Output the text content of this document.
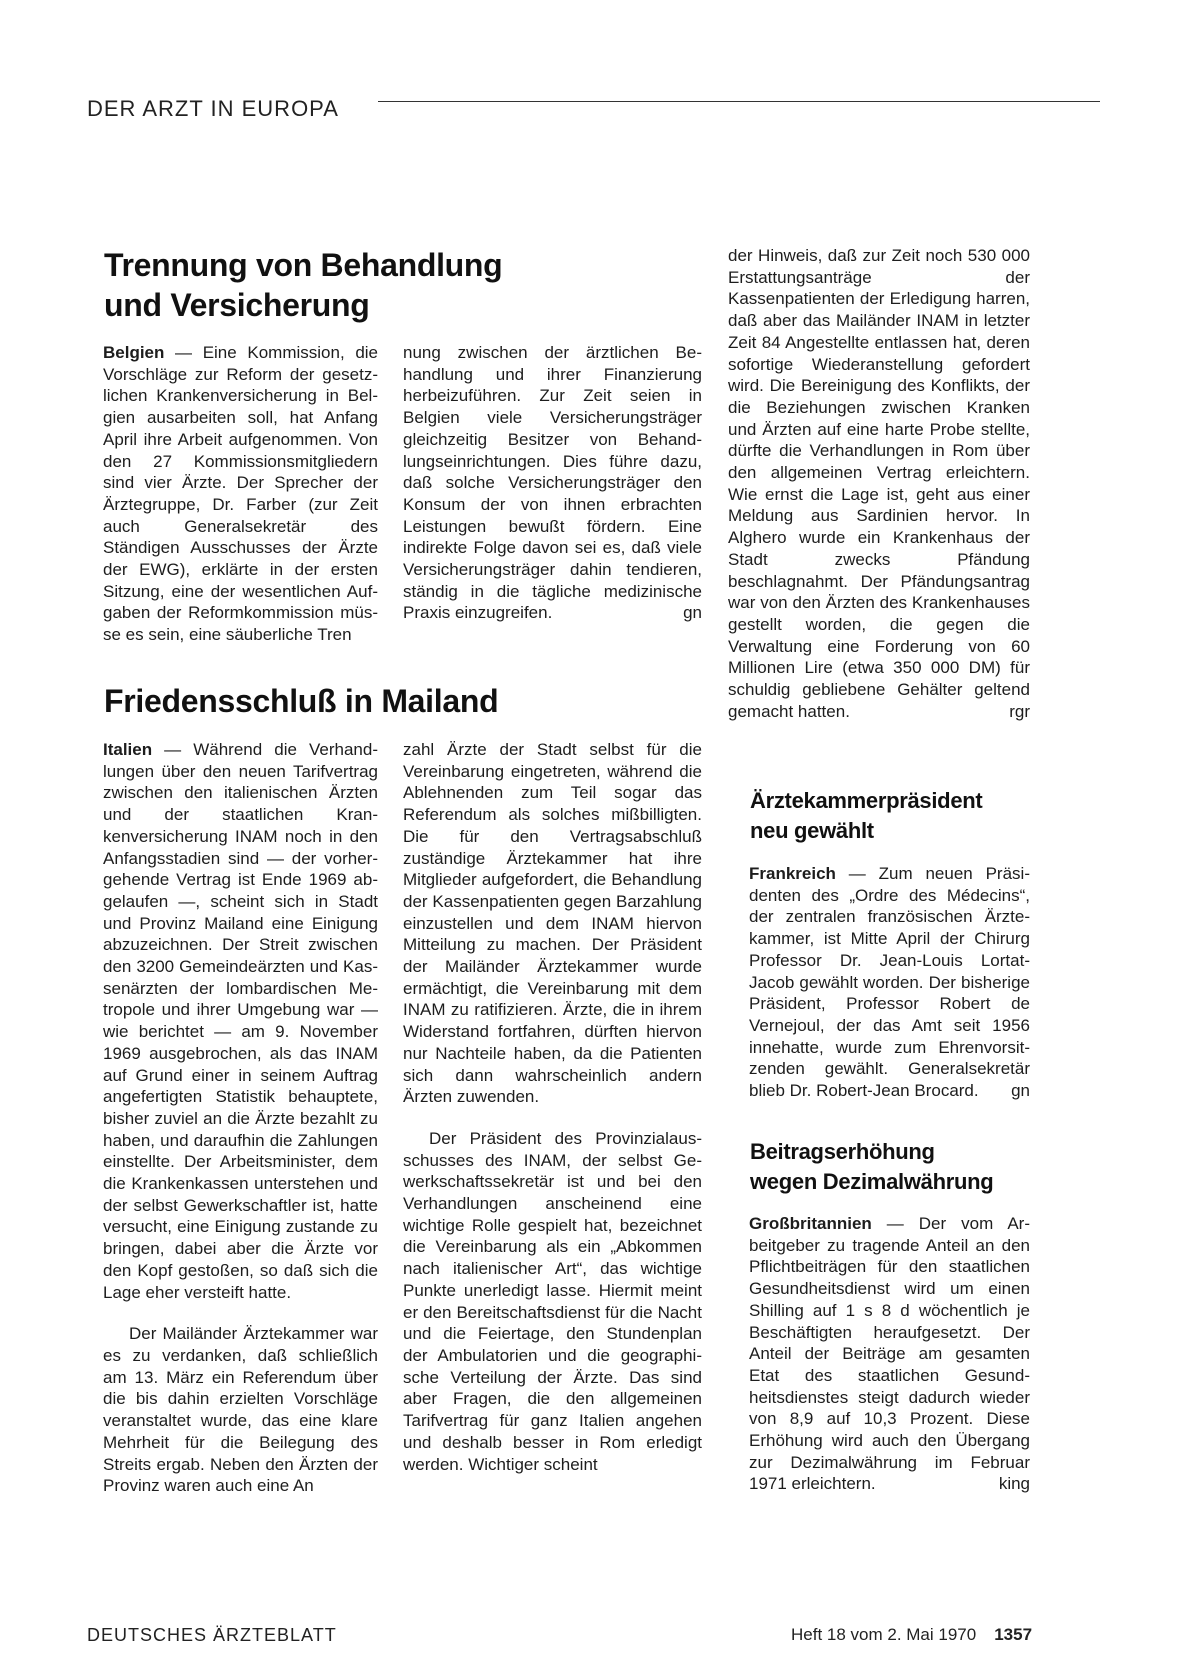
DER ARZT IN EUROPA
Trennung von Behandlung und Versicherung

Belgien — Eine Kommission, die Vorschläge zur Reform der gesetzlichen Krankenversicherung in Belgien ausarbeiten soll, hat Anfang April ihre Arbeit aufgenommen. Von den 27 Kommissionsmitgliedern sind vier Ärzte. Der Sprecher der Ärztegruppe, Dr. Farber (zur Zeit auch Generalsekretär des Ständigen Ausschusses der Ärzte der EWG), erklärte in der ersten Sitzung, eine der wesentlichen Aufgaben der Reformkommission müsse es sein, eine säuberliche Tren

nung zwischen der ärztlichen Behandlung und ihrer Finanzierung herbeizuführen. Zur Zeit seien in Belgien viele Versicherungsträger gleichzeitig Besitzer von Behandlungseinrichtungen. Dies führe dazu, daß solche Versicherungsträger den Konsum der von ihnen erbrachten Leistungen bewußt fördern. Eine indirekte Folge davon sei es, daß viele Versicherungsträger dahin tendieren, ständig in die tägliche medizinische Praxis einzugreifen.	gn

Friedensschluß in Mailand

Italien — Während die Verhandlungen über den neuen Tarifvertrag zwischen den italienischen Ärzten und der staatlichen Krankenversicherung INAM noch in den Anfangsstadien sind — der vorhergehende Vertrag ist Ende 1969 abgelaufen —, scheint sich in Stadt und Provinz Mailand eine Einigung abzuzeichnen. Der Streit zwischen den 3200 Gemeindeärzten und Kassenärzten der lombardischen Metropole und ihrer Umgebung war — wie berichtet — am 9. November 1969 ausgebrochen, als das INAM auf Grund einer in seinem Auftrag angefertigten Statistik behauptete, bisher zuviel an die Ärzte bezahlt zu haben, und daraufhin die Zahlungen einstellte. Der Arbeitsminister, dem die Krankenkassen unterstehen und der selbst Gewerkschaftler ist, hatte versucht, eine Einigung zustande zu bringen, dabei aber die Ärzte vor den Kopf gestoßen, so daß sich die Lage eher versteift hatte.

Der Mailänder Ärztekammer war es zu verdanken, daß schließlich am 13. März ein Referendum über die bis dahin erzielten Vorschläge veranstaltet wurde, das eine klare Mehrheit für die Beilegung des Streits ergab. Neben den Ärzten der Provinz waren auch eine An

zahl Ärzte der Stadt selbst für die Vereinbarung eingetreten, während die Ablehnenden zum Teil sogar das Referendum als solches mißbilligten. Die für den Vertragsabschluß zuständige Ärztekammer hat ihre Mitglieder aufgefordert, die Behandlung der Kassenpatienten gegen Barzahlung einzustellen und dem INAM hiervon Mitteilung zu machen. Der Präsident der Mailänder Ärztekammer wurde ermächtigt, die Vereinbarung mit dem INAM zu ratifizieren. Ärzte, die in ihrem Widerstand fortfahren, dürften hiervon nur Nachteile haben, da die Patienten sich dann wahrscheinlich andern Ärzten zuwenden.

Der Präsident des Provinzialausschusses des INAM, der selbst Gewerkschaftssekretär ist und bei den Verhandlungen anscheinend eine wichtige Rolle gespielt hat, bezeichnet die Vereinbarung als ein „Abkommen nach italienischer Art“, das wichtige Punkte unerledigt lasse. Hiermit meint er den Bereitschaftsdienst für die Nacht und die Feiertage, den Stundenplan der Ambulatorien und die geographische Verteilung der Ärzte. Das sind aber Fragen, die den allgemeinen Tarifvertrag für ganz Italien angehen und deshalb besser in Rom erledigt werden. Wichtiger scheint

der Hinweis, daß zur Zeit noch 530 000 Erstattungsanträge der Kassenpatienten der Erledigung harren, daß aber das Mailänder INAM in letzter Zeit 84 Angestellte entlassen hat, deren sofortige Wiederanstellung gefordert wird. Die Bereinigung des Konflikts, der die Beziehungen zwischen Kranken und Ärzten auf eine harte Probe stellte, dürfte die Verhandlungen in Rom über den allgemeinen Vertrag erleichtern. Wie ernst die Lage ist, geht aus einer Meldung aus Sardinien hervor. In Alghero wurde ein Krankenhaus der Stadt zwecks Pfändung beschlagnahmt. Der Pfändungsantrag war von den Ärzten des Krankenhauses gestellt worden, die gegen die Verwaltung eine Forderung von 60 Millionen Lire (etwa 350 000 DM) für schuldig gebliebene Gehälter geltend gemacht hatten.	rgr

Ärztekammerpräsident
neu gewählt

Frankreich — Zum neuen Präsidenten des „Ordre des Médecins“, der zentralen französischen Ärztekammer, ist Mitte April der Chirurg Professor Dr. Jean-Louis Lortat-Jacob gewählt worden. Der bisherige Präsident, Professor Robert de Vernejoul, der das Amt seit 1956 innehatte, wurde zum Ehrenvorsitzenden gewählt. Generalsekretär blieb Dr. Robert-Jean Brocard. gn

Beitragserhöhung
wegen Dezimalwährung

Großbritannien — Der vom Arbeitgeber zu tragende Anteil an den Pflichtbeiträgen für den staatlichen Gesundheitsdienst wird um einen Shilling auf 1 s 8 d wöchentlich je Beschäftigten heraufgesetzt. Der Anteil der Beiträge am gesamten Etat des staatlichen Gesundheitsdienstes steigt dadurch wieder von 8,9 auf 10,3 Prozent. Diese Erhöhung wird auch den Übergang zur Dezimalwährung im Februar 1971 erleichtern.	king

DEUTSCHES ÄRZTEBLATT	Heft 18 vom 2. Mai 1970 1357
